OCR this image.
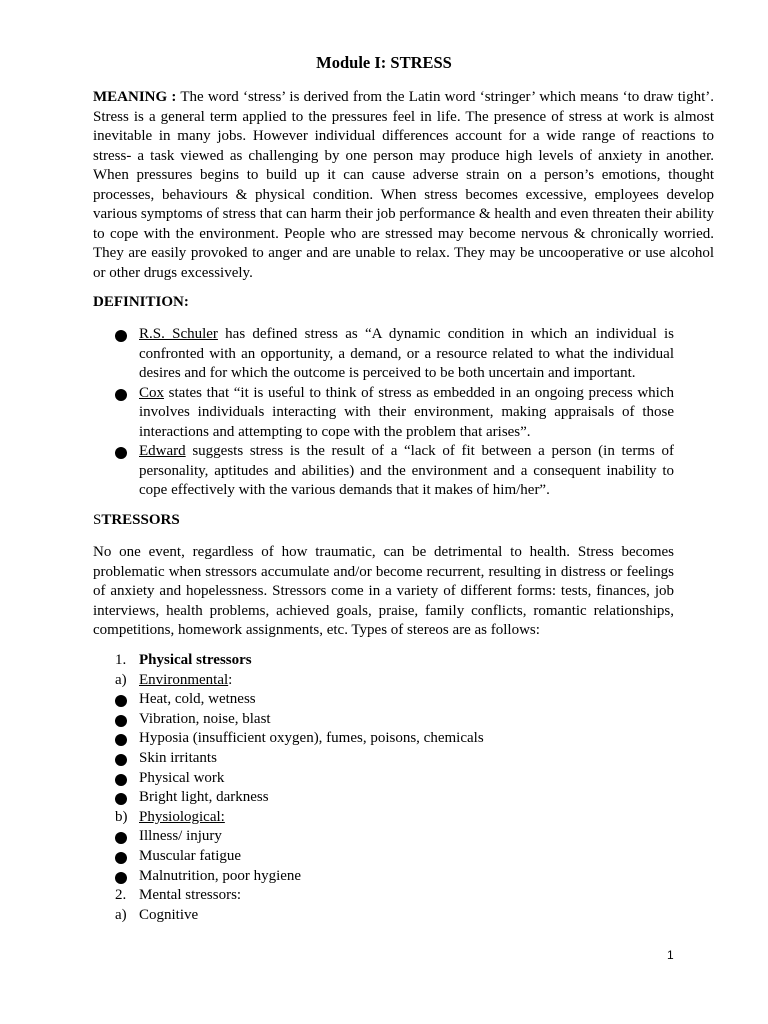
Module I: STRESS

MEANING : The word ‘stress’ is derived from the Latin word ‘stringer’ which means ‘to draw tight’. Stress is a general term applied to the pressures feel in life. The presence of stress at work is almost inevitable in many jobs. However individual differences account for a wide range of reactions to stress- a task viewed as challenging by one person may produce high levels of anxiety in another. When pressures begins to build up it can cause adverse strain on a person’s emotions, thought processes, behaviours & physical condition. When stress becomes excessive, employees develop various symptoms of stress that can harm their job performance & health and even threaten their ability to cope with the environment. People who are stressed may become nervous & chronically worried. They are easily provoked to anger and are unable to relax. They may be uncooperative or use alcohol or other drugs excessively.

DEFINITION:

R.S. Schuler has defined stress as “A dynamic condition in which an individual is confronted with an opportunity, a demand, or a resource related to what the individual desires and for which the outcome is perceived to be both uncertain and important.
Cox states that “it is useful to think of stress as embedded in an ongoing precess which involves individuals interacting with their environment, making appraisals of those interactions and attempting to cope with the problem that arises”.
Edward suggests stress is the result of a “lack of fit between a person (in terms of personality, aptitudes and abilities) and the environment and a consequent inability to cope effectively with the various demands that it makes of him/her”.

STRESSORS

No one event, regardless of how traumatic, can be detrimental to health. Stress becomes problematic when stressors accumulate and/or become recurrent, resulting in distress or feelings of anxiety and hopelessness. Stressors come in a variety of different forms: tests, finances, job interviews, health problems, achieved goals, praise, family conflicts, romantic relationships, competitions, homework assignments, etc. Types of stereos are as follows:

1. Physical stressors
a) Environmental:
Heat, cold, wetness
Vibration, noise, blast
Hyposia (insufficient oxygen), fumes, poisons, chemicals
Skin irritants
Physical work
Bright light, darkness
b) Physiological:
Illness/ injury
Muscular fatigue
Malnutrition, poor hygiene
2. Mental stressors:
a) Cognitive
1
